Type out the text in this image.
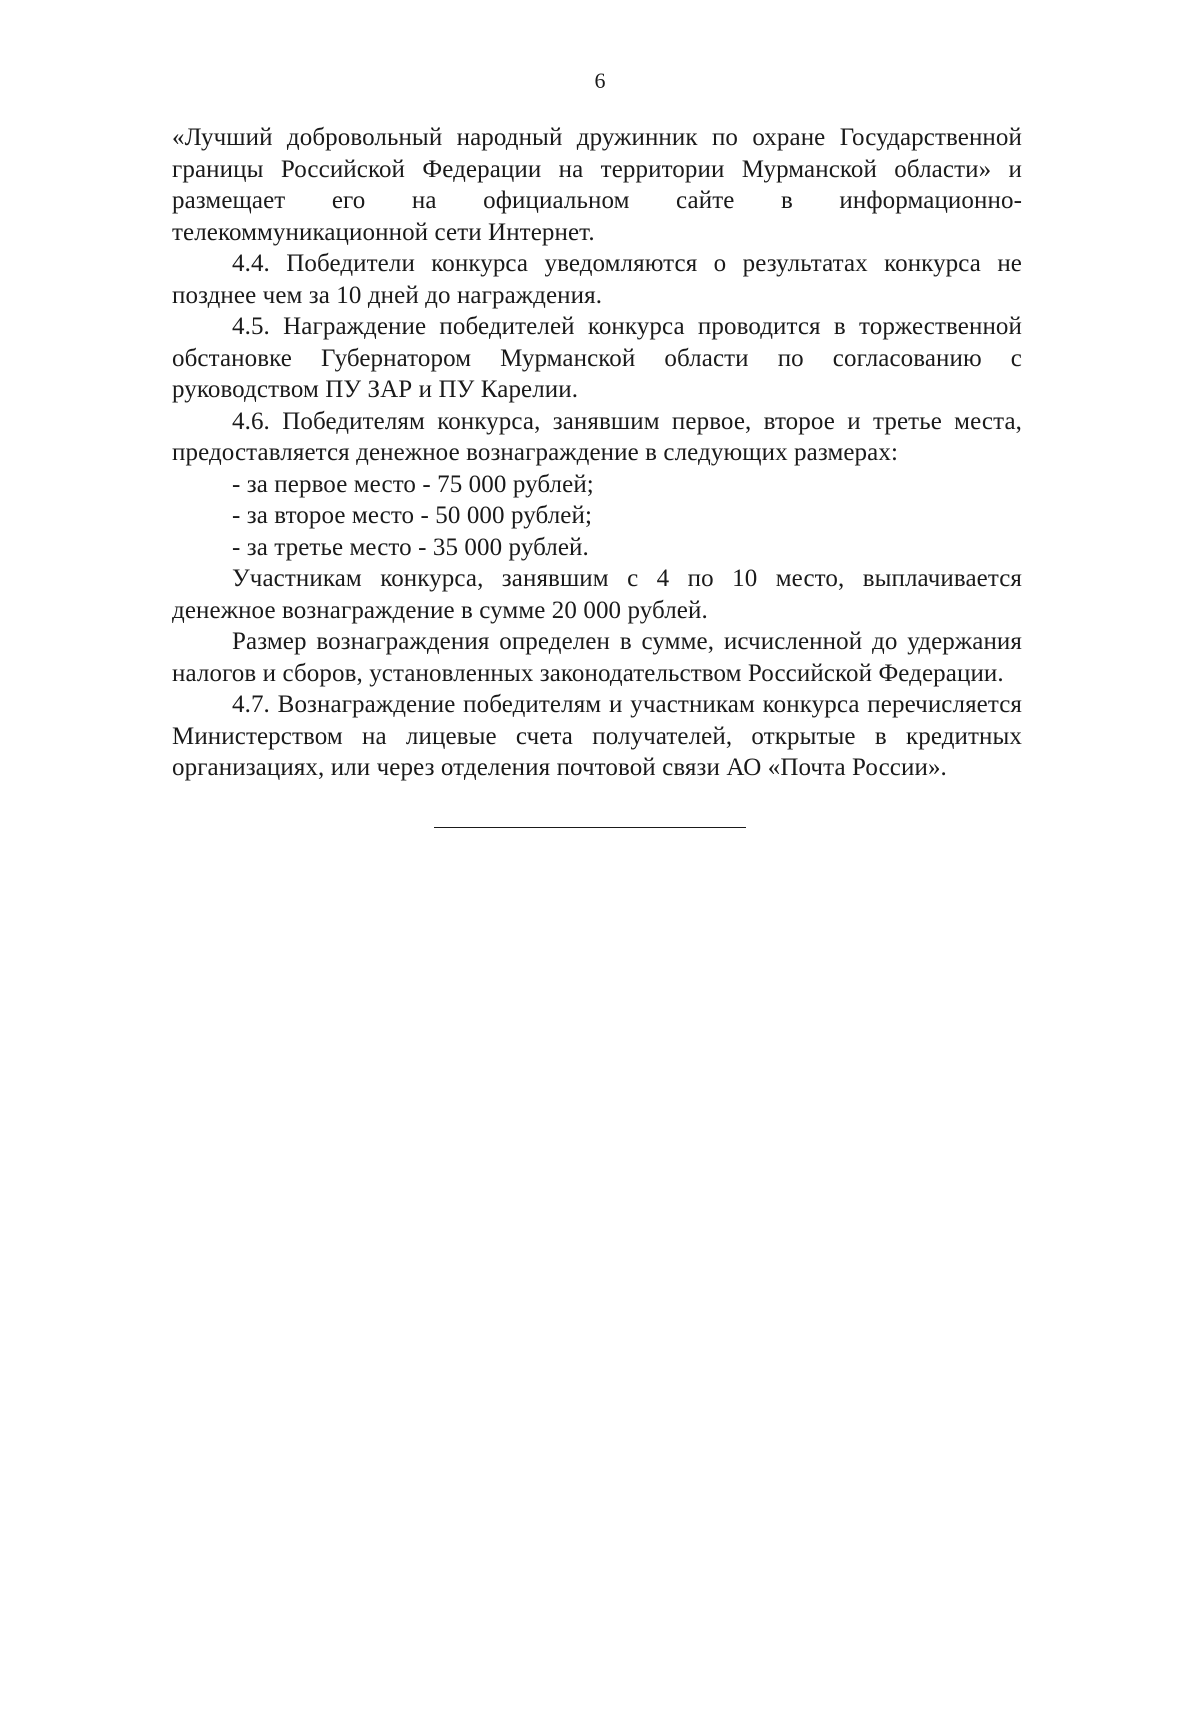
6

«Лучший добровольный народный дружинник по охране Государственной границы Российской Федерации на территории Мурманской области» и размещает его на официальном сайте в информационно-телекоммуникационной сети Интернет.

4.4. Победители конкурса уведомляются о результатах конкурса не позднее чем за 10 дней до награждения.

4.5. Награждение победителей конкурса проводится в торжественной обстановке Губернатором Мурманской области по согласованию с руководством ПУ ЗАР и ПУ Карелии.

4.6. Победителям конкурса, занявшим первое, второе и третье места, предоставляется денежное вознаграждение в следующих размерах:

- за первое место - 75 000 рублей;

- за второе место - 50 000 рублей;

- за третье место - 35 000 рублей.

Участникам конкурса, занявшим с 4 по 10 место, выплачивается денежное вознаграждение в сумме 20 000 рублей.

Размер вознаграждения определен в сумме, исчисленной до удержания налогов и сборов, установленных законодательством Российской Федерации.

4.7. Вознаграждение победителям и участникам конкурса перечисляется Министерством на лицевые счета получателей, открытые в кредитных организациях, или через отделения почтовой связи АО «Почта России».
